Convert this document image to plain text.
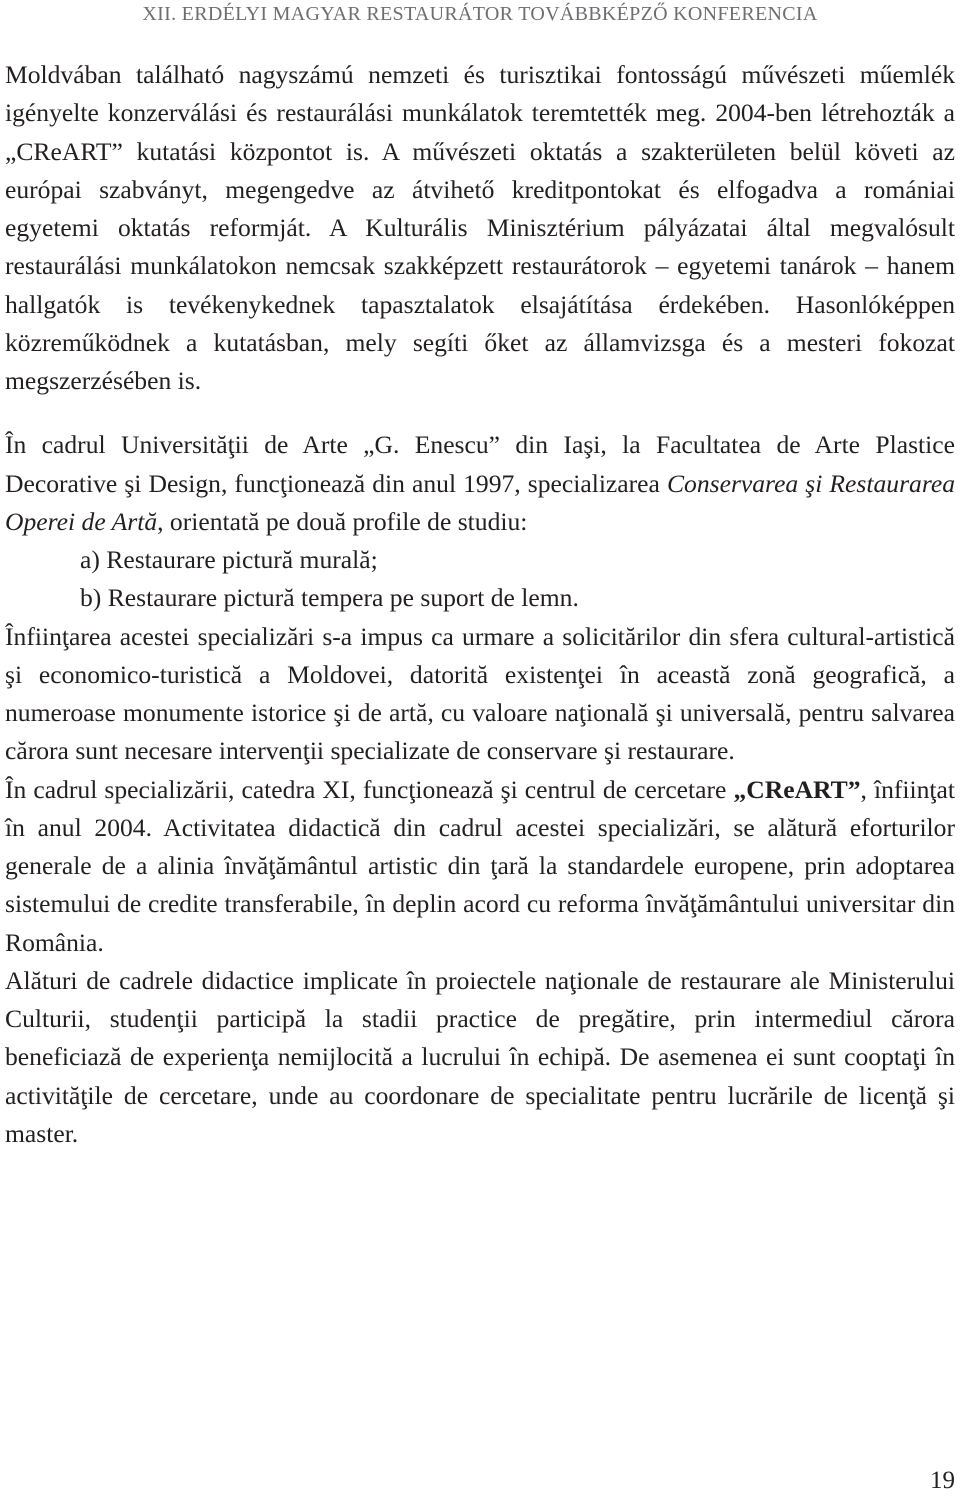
XII. ERDÉLYI MAGYAR RESTAURÁTOR TOVÁBBKÉPZŐ KONFERENCIA

Moldvában található nagyszámú nemzeti és turisztikai fontosságú művészeti műemlék igényelte konzerválási és restaurálási munkálatok teremtették meg. 2004-ben létrehozták a „CReART” kutatási központot is. A művészeti oktatás a szakterületen belül követi az európai szabványt, megengedve az átvihető kreditpontokat és elfogadva a romániai egyetemi oktatás reformját. A Kulturális Minisztérium pályázatai által megvalósult restaurálási munkálatokon nemcsak szakképzett restaurátorok – egyetemi tanárok – hanem hallgatók is tevékenykednek tapasztalatok elsajátítása érdekében. Hasonlóképpen közreműködnek a kutatásban, mely segíti őket az államvizsga és a mesteri fokozat megszerzésében is.

În cadrul Universităţii de Arte „G. Enescu” din Iaşi, la Facultatea de Arte Plastice Decorative şi Design, funcţionează din anul 1997, specializarea Conservarea şi Restaurarea Operei de Artă, orientată pe două profile de studiu:

a) Restaurare pictură murală;
b) Restaurare pictură tempera pe suport de lemn.

Înfiinţarea acestei specializări s-a impus ca urmare a solicitărilor din sfera cultural-artistică şi economico-turistică a Moldovei, datorită existenţei în această zonă geografică, a numeroase monumente istorice şi de artă, cu valoare naţională şi universală, pentru salvarea cărora sunt necesare intervenţii specializate de conservare şi restaurare.

În cadrul specializării, catedra XI, funcţionează şi centrul de cercetare „CReART”, înfiinţat în anul 2004. Activitatea didactică din cadrul acestei specializări, se alătură eforturilor generale de a alinia învăţământul artistic din ţară la standardele europene, prin adoptarea sistemului de credite transferabile, în deplin acord cu reforma învăţământului universitar din România.

Alături de cadrele didactice implicate în proiectele naţionale de restaurare ale Ministerului Culturii, studenţii participă la stadii practice de pregătire, prin intermediul cărora beneficiază de experienţa nemijlocită a lucrului în echipă. De asemenea ei sunt cooptaţi în activităţile de cercetare, unde au coordonare de specialitate pentru lucrările de licenţă şi master.

19
